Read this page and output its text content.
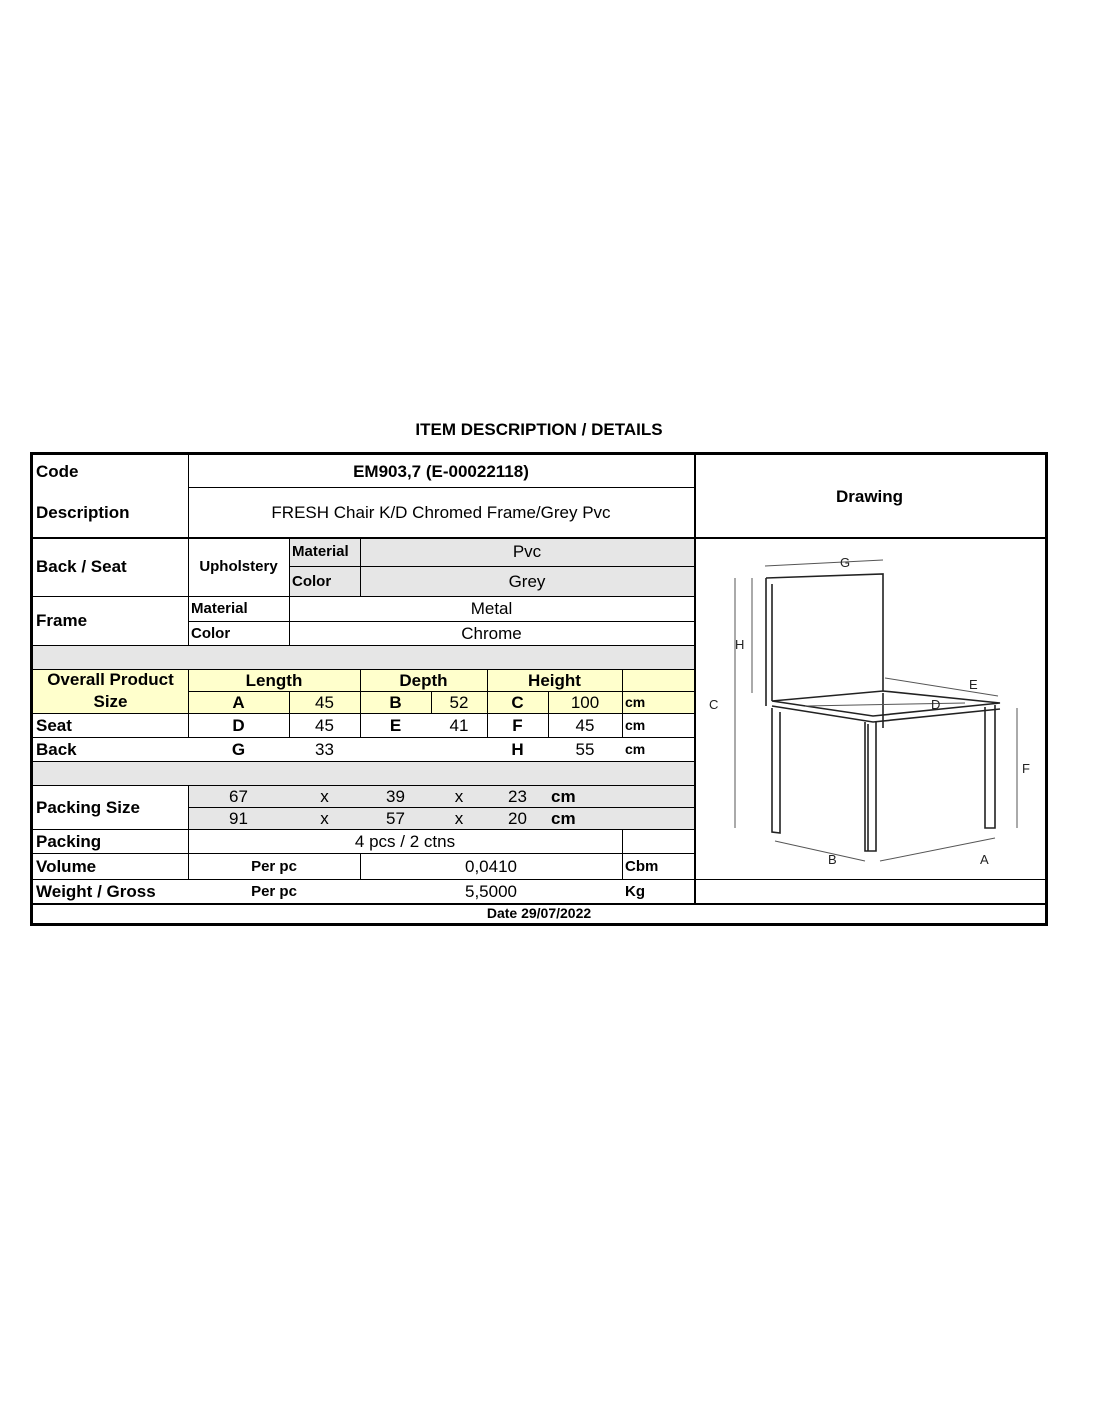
ITEM DESCRIPTION / DETAILS
Code	EM903,7 (E-00022118)
Description	FRESH Chair K/D Chromed Frame/Grey Pvc
Drawing
Back / Seat	Upholstery
Material	Pvc
Color	Grey
Frame
Material	Metal
Color	Chrome
Overall Product Size
Length	Depth	Height
A	45	B	52	C	100	cm
Seat	D	45	E	41	F	45	cm
Back	G	33	H	55	cm
Packing Size
67	x	39	x	23	cm
91	x	57	x	20	cm
Packing	4 pcs / 2 ctns
Volume	Per pc	0,0410	Cbm
Weight / Gross	Per pc	5,5000	Kg
Date 29/07/2022
G
H
C
E
D
F
B	A
